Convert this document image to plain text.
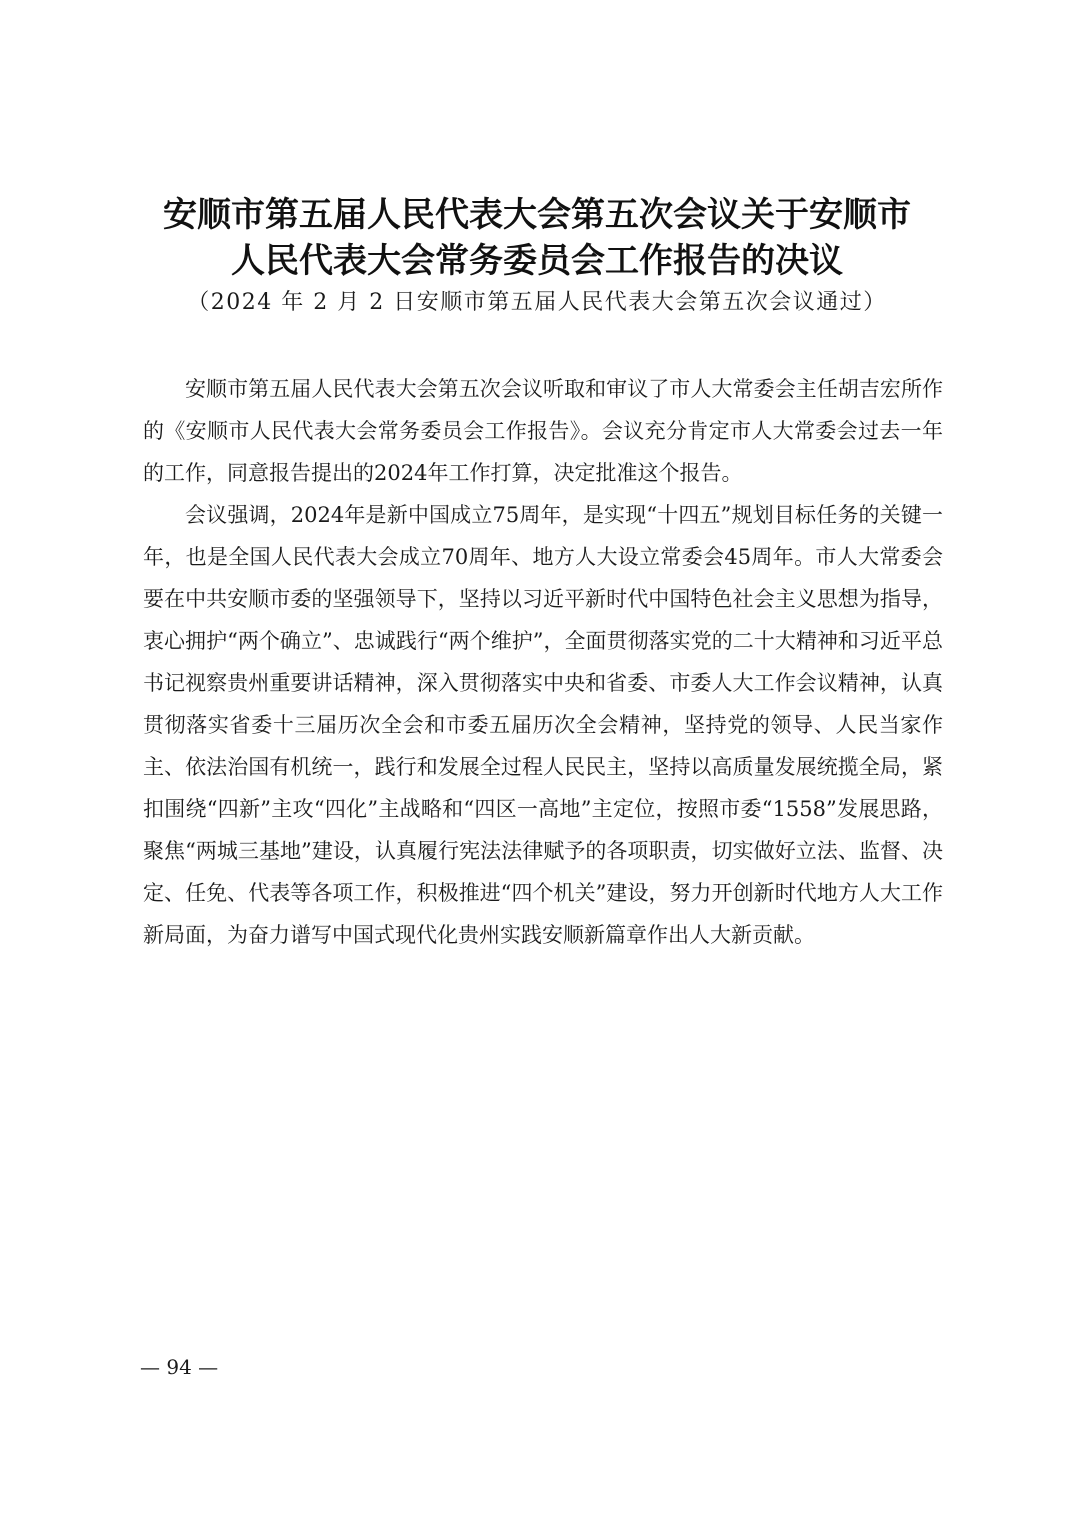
安顺市第五届人民代表大会第五次会议关于安顺市
人民代表大会常务委员会工作报告的决议
（2024 年 2 月 2 日安顺市第五届人民代表大会第五次会议通过）

安顺市第五届人民代表大会第五次会议听取和审议了市人大常委会主任胡吉宏所作的《安顺市人民代表大会常务委员会工作报告》。会议充分肯定市人大常委会过去一年的工作，同意报告提出的2024年工作打算，决定批准这个报告。

会议强调，2024年是新中国成立75周年，是实现“十四五”规划目标任务的关键一年，也是全国人民代表大会成立70周年、地方人大设立常委会45周年。市人大常委会要在中共安顺市委的坚强领导下，坚持以习近平新时代中国特色社会主义思想为指导，衷心拥护“两个确立”、忠诚践行“两个维护”，全面贯彻落实党的二十大精神和习近平总书记视察贵州重要讲话精神，深入贯彻落实中央和省委、市委人大工作会议精神，认真贯彻落实省委十三届历次全会和市委五届历次全会精神，坚持党的领导、人民当家作主、依法治国有机统一，践行和发展全过程人民民主，坚持以高质量发展统揽全局，紧扣围绕“四新”主攻“四化”主战略和“四区一高地”主定位，按照市委“1558”发展思路，聚焦“两城三基地”建设，认真履行宪法法律赋予的各项职责，切实做好立法、监督、决定、任免、代表等各项工作，积极推进“四个机关”建设，努力开创新时代地方人大工作新局面，为奋力谱写中国式现代化贵州实践安顺新篇章作出人大新贡献。

— 94 —
